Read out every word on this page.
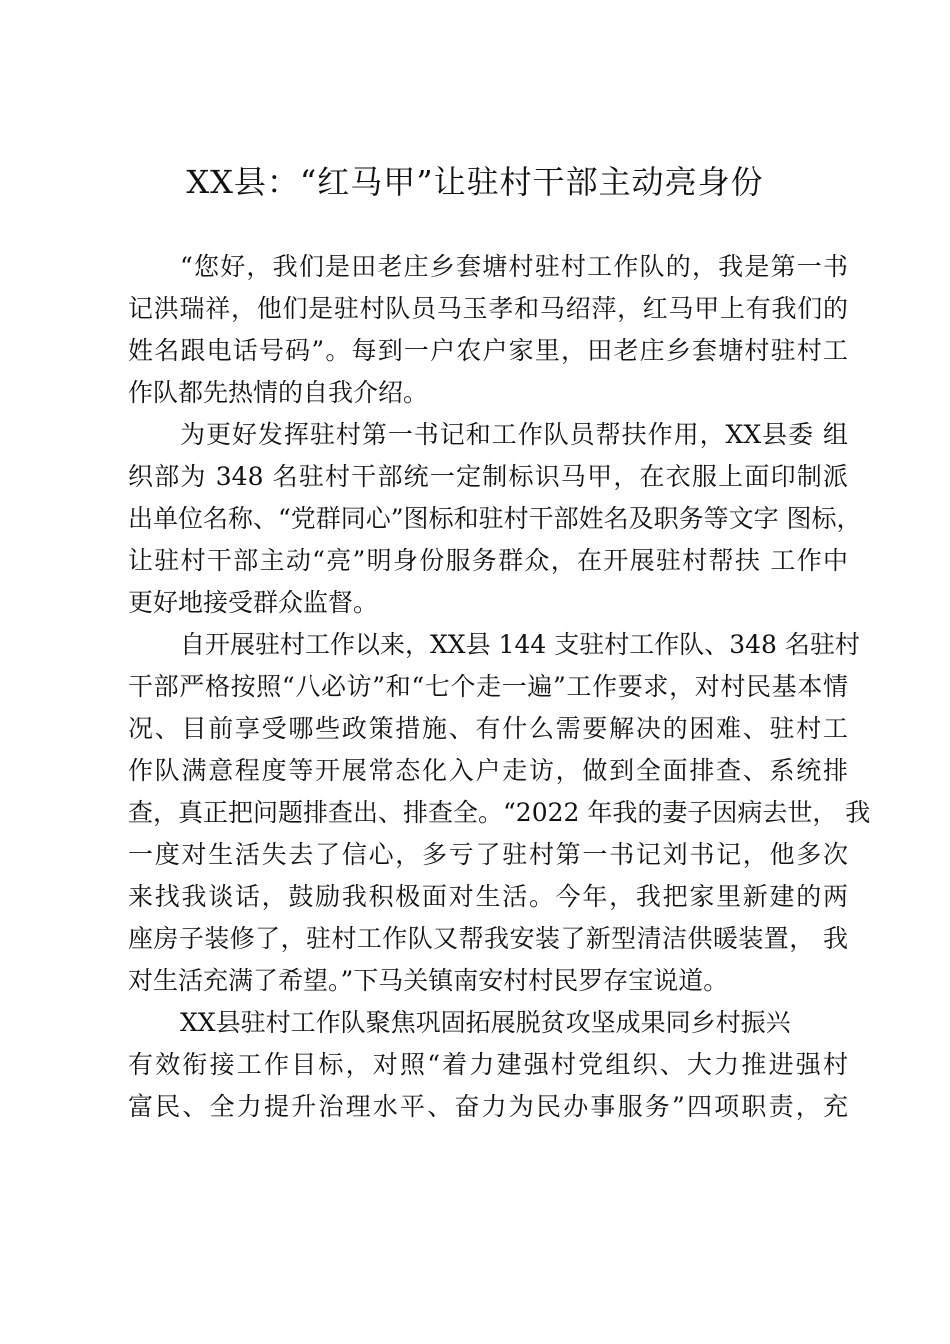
XX县：“红马甲”让驻村干部主动亮身份
“您好，我们是田老庄乡套塘村驻村工作队的，我是第一书
记洪瑞祥，他们是驻村队员马玉孝和马绍萍，红马甲上有我们的
姓名跟电话号码”。每到一户农户家里，田老庄乡套塘村驻村工
作队都先热情的自我介绍。
为更好发挥驻村第一书记和工作队员帮扶作用，XX县委 组
织部为 348 名驻村干部统一定制标识马甲，在衣服上面印制派
出单位名称、“党群同心”图标和驻村干部姓名及职务等文字 图标，
让驻村干部主动“亮”明身份服务群众，在开展驻村帮扶 工作中
更好地接受群众监督。
自开展驻村工作以来，XX县 144 支驻村工作队、348 名驻村
干部严格按照“八必访”和“七个走一遍”工作要求，对村民基本情
况、目前享受哪些政策措施、有什么需要解决的困难、驻村工
作队满意程度等开展常态化入户走访，做到全面排查、系统排
查，真正把问题排查出、排查全。“2022 年我的妻子因病去世， 我
一度对生活失去了信心，多亏了驻村第一书记刘书记，他多次
来找我谈话，鼓励我积极面对生活。今年，我把家里新建的两
座房子装修了，驻村工作队又帮我安装了新型清洁供暖装置， 我
对生活充满了希望。”下马关镇南安村村民罗存宝说道。
XX县驻村工作队聚焦巩固拓展脱贫攻坚成果同乡村振兴
有效衔接工作目标，对照“着力建强村党组织、大力推进强村
富民、全力提升治理水平、奋力为民办事服务”四项职责，充
